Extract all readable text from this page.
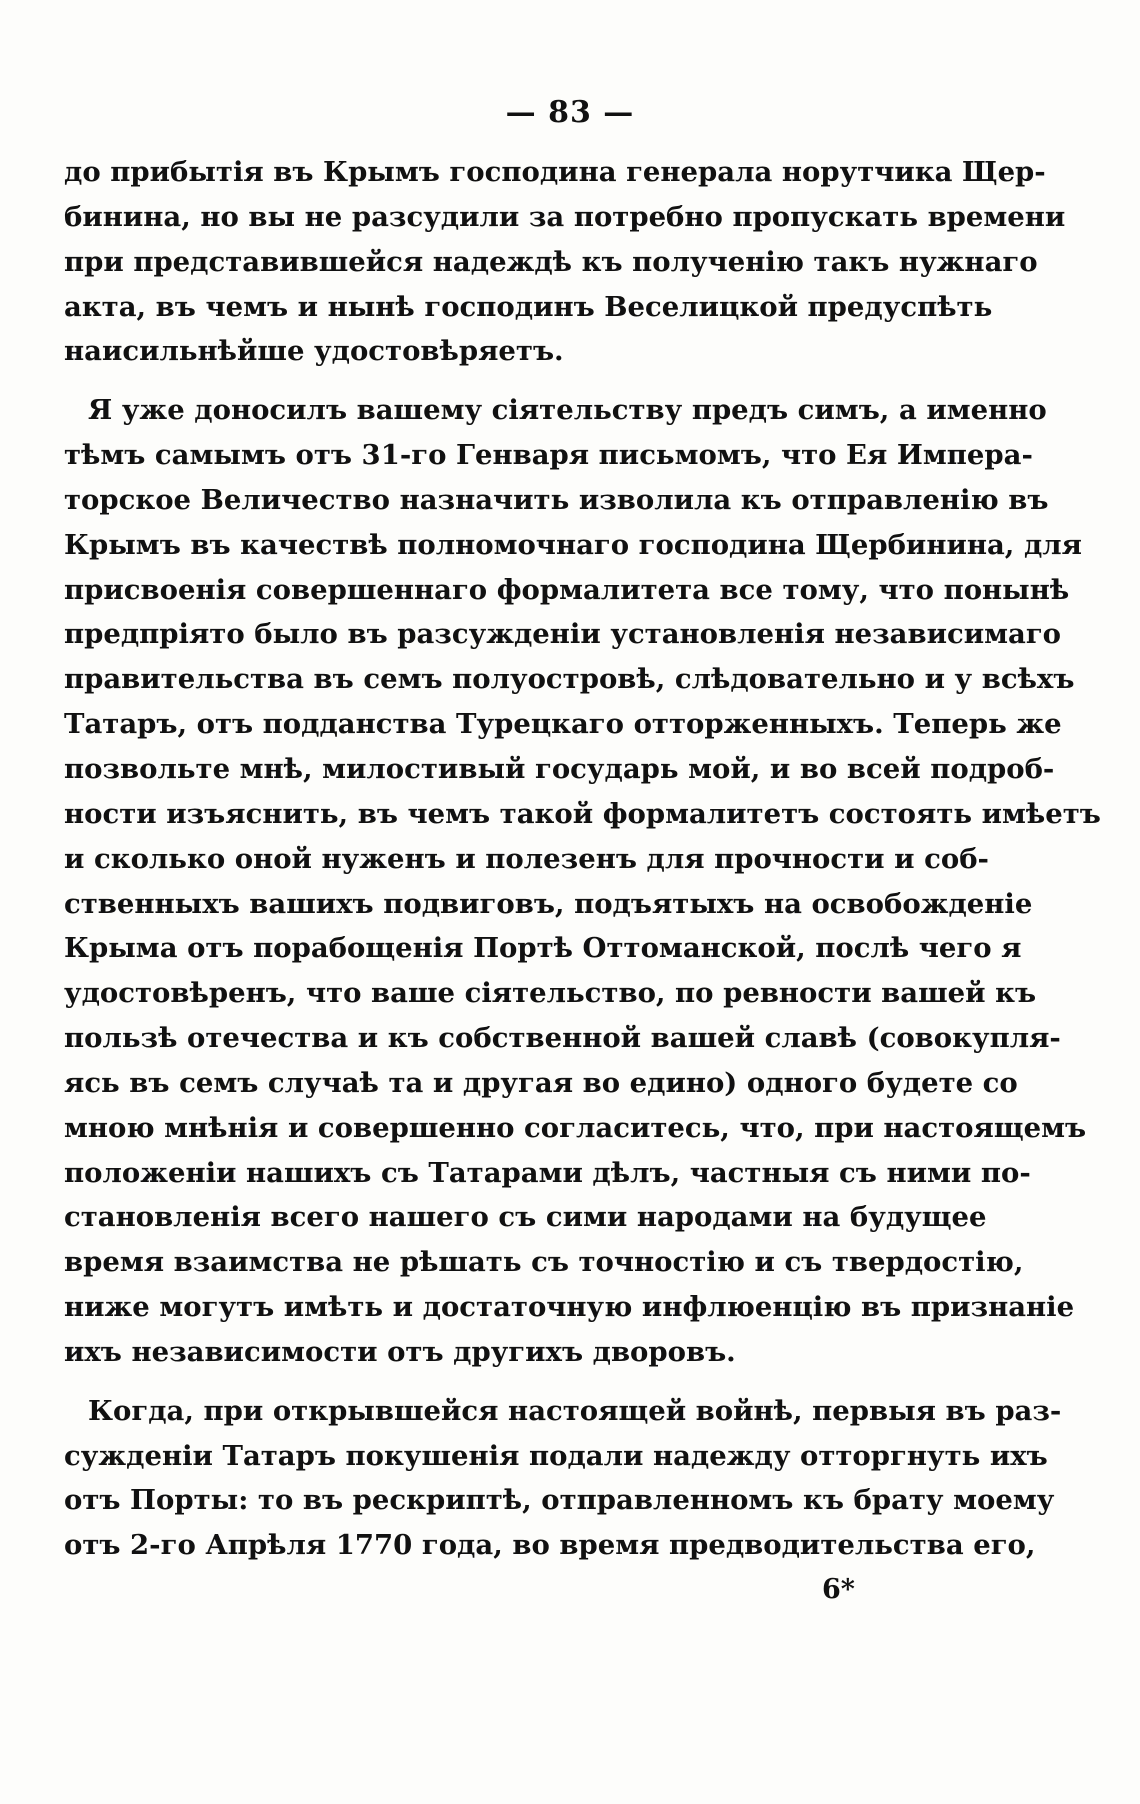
— 83 —
до прибытія въ Крымъ господина генерала норутчика Щер-
бинина, но вы не разсудили за потребно пропускать времени
при представившейся надеждѣ къ полученію такъ нужнаго
акта, въ чемъ и нынѣ господинъ Веселицкой предуспѣть
наисильнѣйше удостовѣряетъ.
Я уже доносилъ вашему сіятельству предъ симъ, а именно
тѣмъ самымъ отъ 31-го Генваря письмомъ, что Ея Импера-
торское Величество назначить изволила къ отправленію въ
Крымъ въ качествѣ полномочнаго господина Щербинина, для
присвоенія совершеннаго формалитета все тому, что понынѣ
предпріято было въ разсужденіи установленія независимаго
правительства въ семъ полуостровѣ, слѣдовательно и у всѣхъ
Татаръ, отъ подданства Турецкаго отторженныхъ. Теперь же
позвольте мнѣ, милостивый государь мой, и во всей подроб-
ности изъяснить, въ чемъ такой формалитетъ состоять имѣетъ
и сколько оной нуженъ и полезенъ для прочности и соб-
ственныхъ вашихъ подвиговъ, подъятыхъ на освобожденіе
Крыма отъ порабощенія Портѣ Оттоманской, послѣ чего я
удостовѣренъ, что ваше сіятельство, по ревности вашей къ
пользѣ отечества и къ собственной вашей славѣ (совокупля-
ясь въ семъ случаѣ та и другая во едино) одного будете со
мною мнѣнія и совершенно согласитесь, что, при настоящемъ
положеніи нашихъ съ Татарами дѣлъ, частныя съ ними по-
становленія всего нашего съ сими народами на будущее
время взаимства не рѣшать съ точностію и съ твердостію,
ниже могутъ имѣть и достаточную инфлюенцію въ признаніе
ихъ независимости отъ другихъ дворовъ.
Когда, при открывшейся настоящей войнѣ, первыя въ раз-
сужденіи Татаръ покушенія подали надежду отторгнуть ихъ
отъ Порты: то въ рескриптѣ, отправленномъ къ брату моему
отъ 2-го Апрѣля 1770 года, во время предводительства его,
6*
